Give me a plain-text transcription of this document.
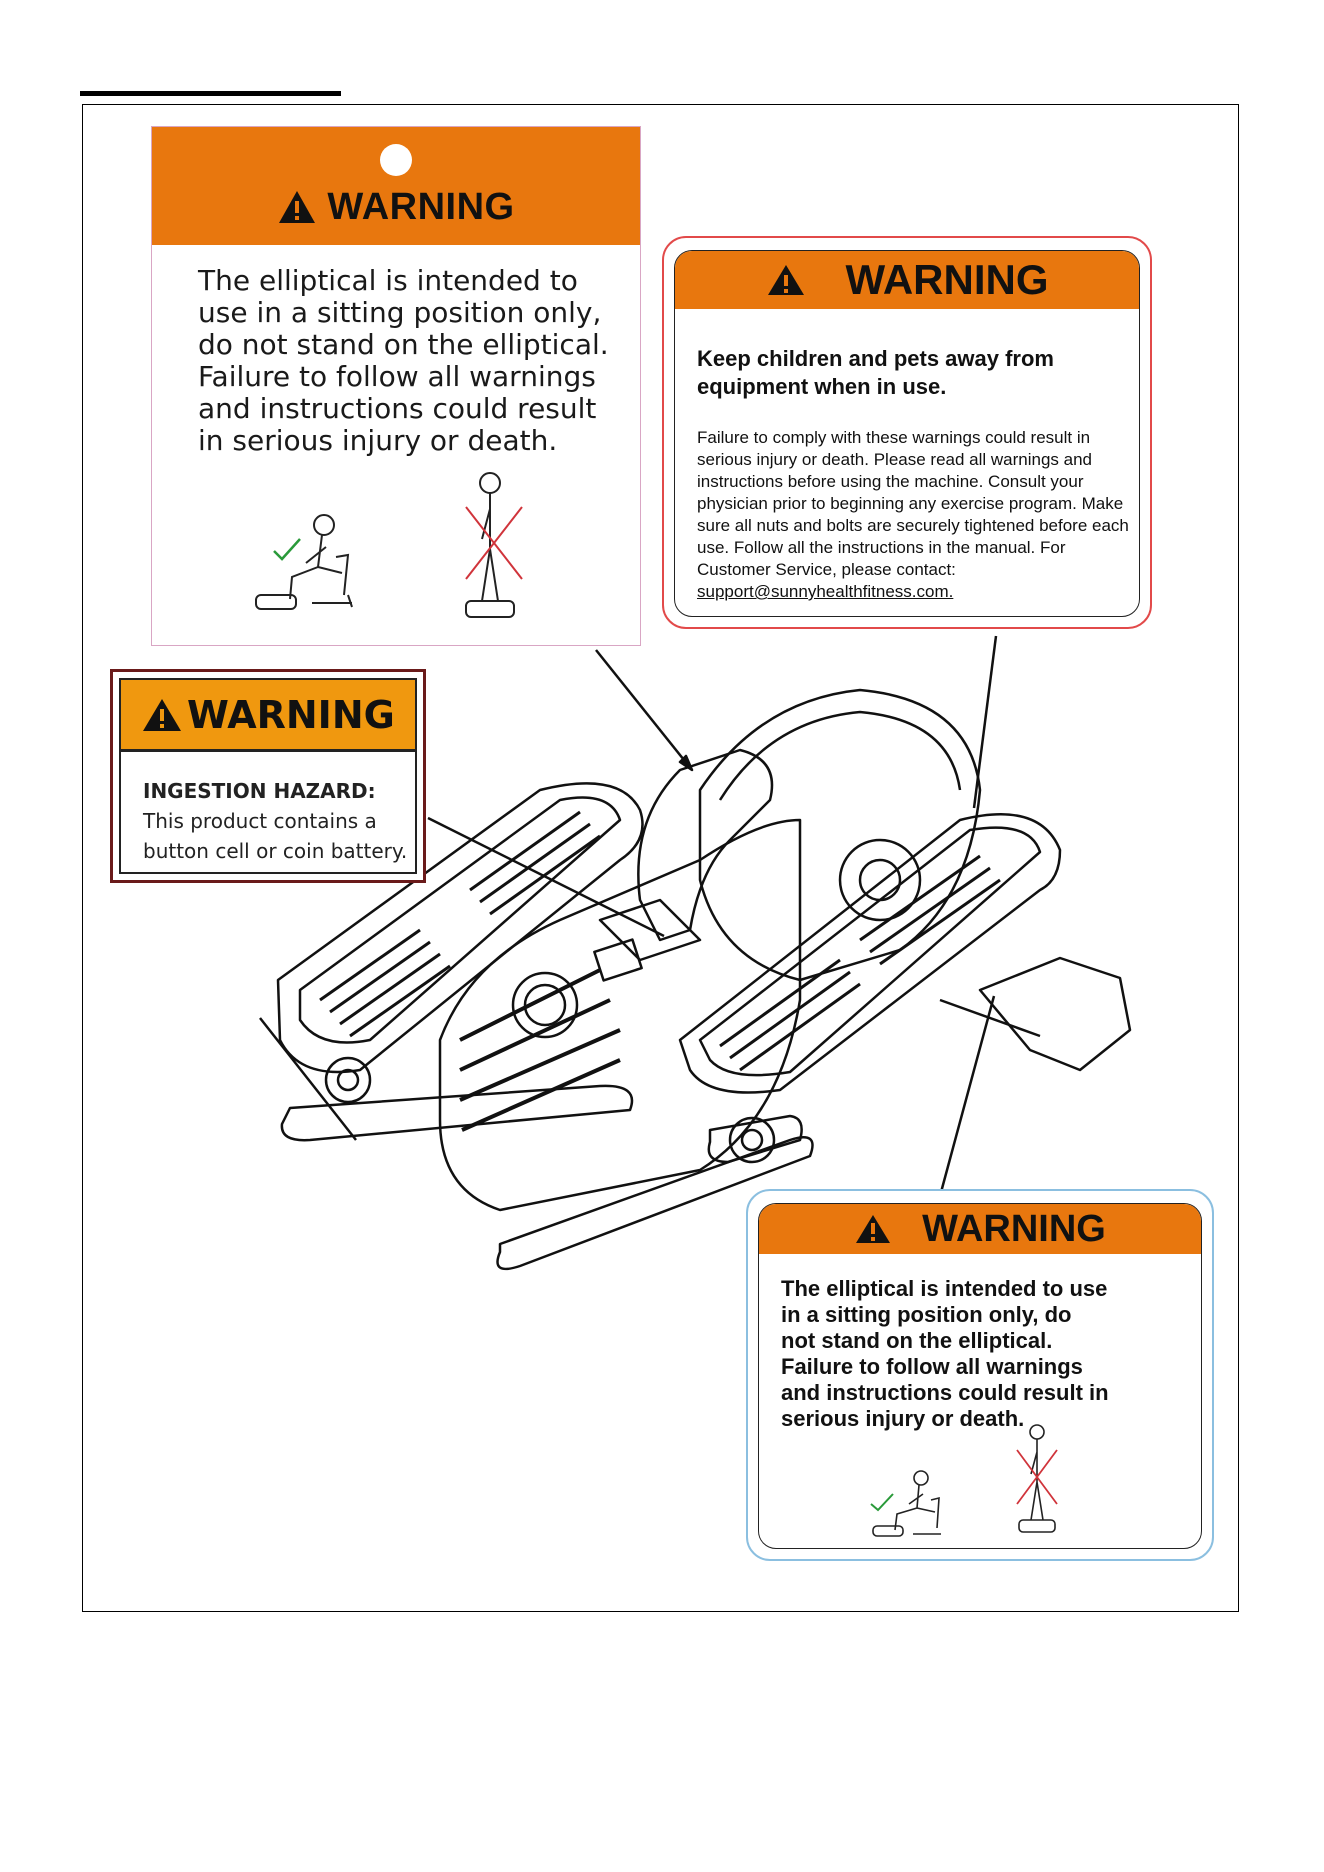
WARNING
The elliptical is intended to
use in a sitting position only,
do not stand on the elliptical.
Failure to follow all warnings
and instructions could result
in serious injury or death.
WARNING
Keep children and pets away from equipment when in use.
Failure to comply with these warnings could result in serious injury or death. Please read all warnings and instructions before using the machine. Consult your physician prior to beginning any exercise program. Make sure all nuts and bolts are securely tightened before each use. Follow all the instructions in the manual. For Customer Service, please contact: support@sunnyhealthfitness.com.
WARNING
INGESTION HAZARD: This product contains a button cell or coin battery.
WARNING
The elliptical is intended to use
in a sitting position only, do
not stand on the elliptical.
Failure to follow all warnings
and instructions could result in
serious injury or death.
